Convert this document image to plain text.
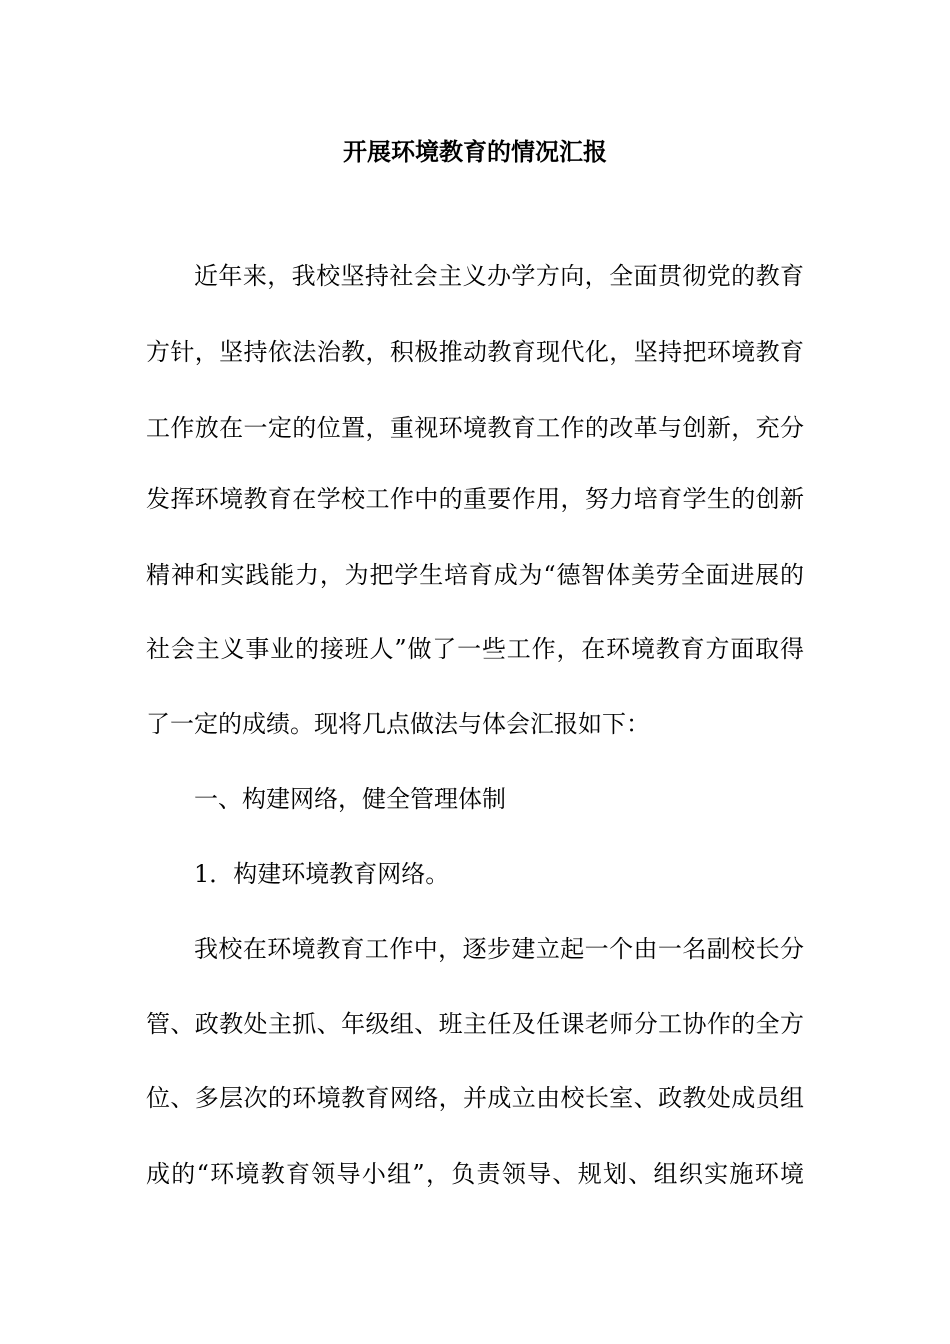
开展环境教育的情况汇报

近年来，我校坚持社会主义办学方向，全面贯彻党的教育

方针，坚持依法治教，积极推动教育现代化，坚持把环境教育

工作放在一定的位置，重视环境教育工作的改革与创新，充分

发挥环境教育在学校工作中的重要作用，努力培育学生的创新

精神和实践能力，为把学生培育成为“德智体美劳全面进展的

社会主义事业的接班人”做了一些工作，在环境教育方面取得

了一定的成绩。现将几点做法与体会汇报如下：

一、构建网络，健全管理体制

1．构建环境教育网络。

我校在环境教育工作中，逐步建立起一个由一名副校长分

管、政教处主抓、年级组、班主任及任课老师分工协作的全方

位、多层次的环境教育网络，并成立由校长室、政教处成员组

成的“环境教育领导小组”，负责领导、规划、组织实施环境
